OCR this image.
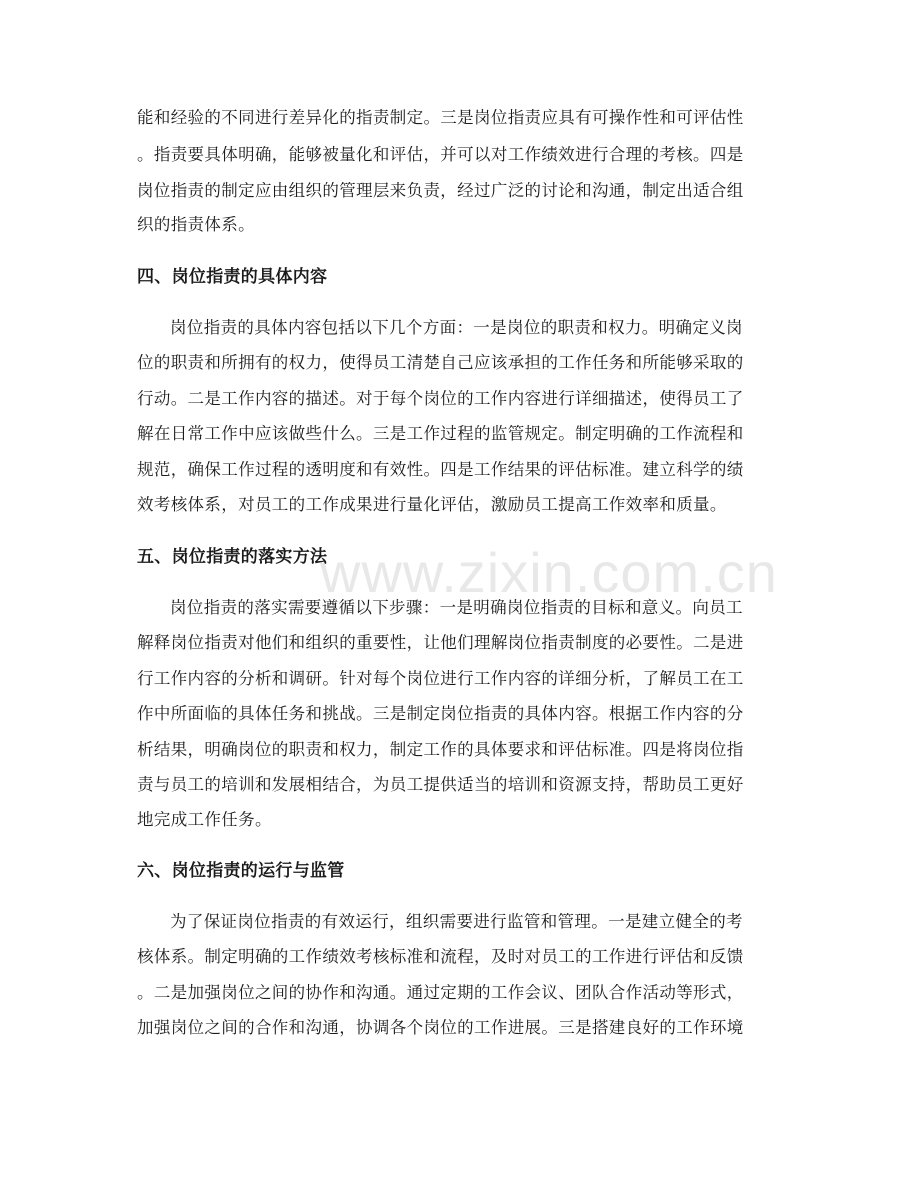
www.zixin.com.cn
能和经验的不同进行差异化的指责制定。三是岗位指责应具有可操作性和可评估性
。指责要具体明确，能够被量化和评估，并可以对工作绩效进行合理的考核。四是
岗位指责的制定应由组织的管理层来负责，经过广泛的讨论和沟通，制定出适合组
织的指责体系。
四、岗位指责的具体内容
岗位指责的具体内容包括以下几个方面：一是岗位的职责和权力。明确定义岗
位的职责和所拥有的权力，使得员工清楚自己应该承担的工作任务和所能够采取的
行动。二是工作内容的描述。对于每个岗位的工作内容进行详细描述，使得员工了
解在日常工作中应该做些什么。三是工作过程的监管规定。制定明确的工作流程和
规范，确保工作过程的透明度和有效性。四是工作结果的评估标准。建立科学的绩
效考核体系，对员工的工作成果进行量化评估，激励员工提高工作效率和质量。
五、岗位指责的落实方法
岗位指责的落实需要遵循以下步骤：一是明确岗位指责的目标和意义。向员工
解释岗位指责对他们和组织的重要性，让他们理解岗位指责制度的必要性。二是进
行工作内容的分析和调研。针对每个岗位进行工作内容的详细分析，了解员工在工
作中所面临的具体任务和挑战。三是制定岗位指责的具体内容。根据工作内容的分
析结果，明确岗位的职责和权力，制定工作的具体要求和评估标准。四是将岗位指
责与员工的培训和发展相结合，为员工提供适当的培训和资源支持，帮助员工更好
地完成工作任务。
六、岗位指责的运行与监管
为了保证岗位指责的有效运行，组织需要进行监管和管理。一是建立健全的考
核体系。制定明确的工作绩效考核标准和流程，及时对员工的工作进行评估和反馈
。二是加强岗位之间的协作和沟通。通过定期的工作会议、团队合作活动等形式，
加强岗位之间的合作和沟通，协调各个岗位的工作进展。三是搭建良好的工作环境
